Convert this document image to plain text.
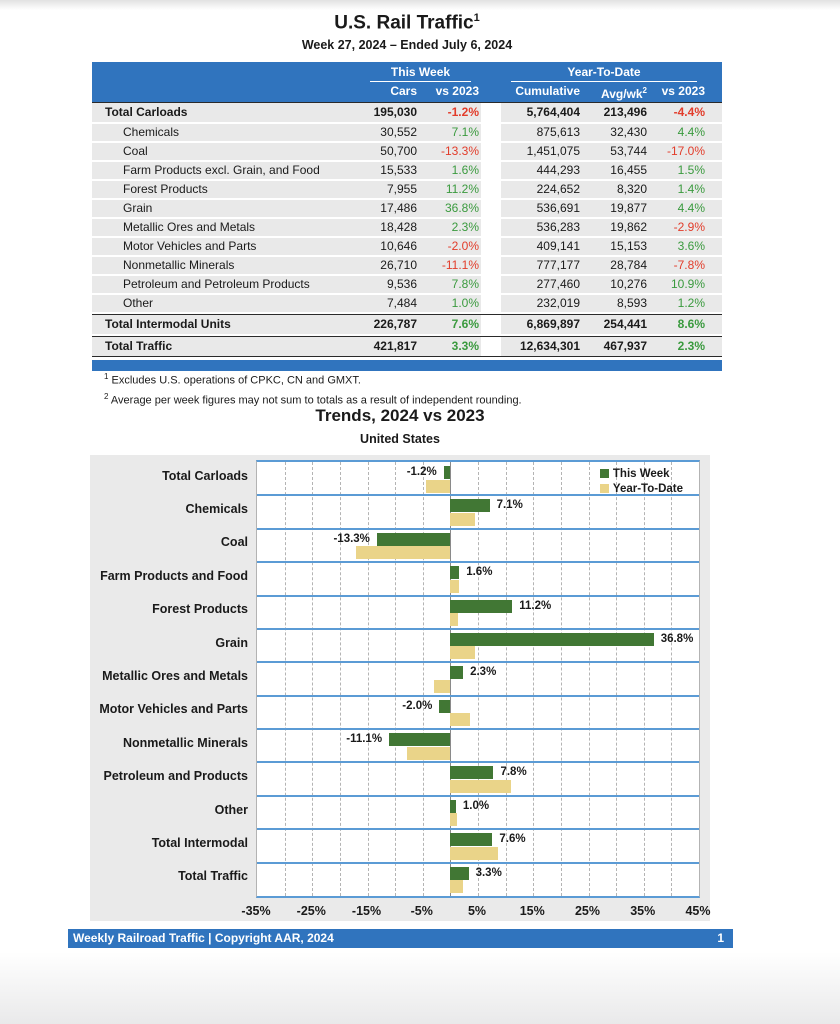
U.S. Rail Traffic$^1$
Week 27, 2024 – Ended July 6, 2024
This Week	Year-To-Date
Cars	vs 2023	Cumulative	Avg/$wk^2$	vs 2023
Total Carloads	195,030	-1.2%	5,764,404	213,496	-4.4%
Chemicals	30,552	7.1%	875,613	32,430	4.4%
Coal	50,700	-13.3%	1,451,075	53,744	-17.0%
Farm Products excl. Grain, and Food	15,533	1.6%	444,293	16,455	1.5%
Forest Products	7,955	11.2%	224,652	8,320	1.4%
Grain	17,486	36.8%	536,691	19,877	4.4%
Metallic Ores and Metals	18,428	2.3%	536,283	19,862	-2.9%
Motor Vehicles and Parts	10,646	-2.0%	409,141	15,153	3.6%
Nonmetallic Minerals	26,710	-11.1%	777,177	28,784	-7.8%
Petroleum and Petroleum Products	9,536	7.8%	277,460	10,276	10.9%
Other	7,484	1.0%	232,019	8,593	1.2%
Total Intermodal Units	226,787	7.6%	6,869,897	254,441	8.6%
Total Traffic	421,817	3.3%	12,634,301	467,937	2.3%
$^1$ Excludes U.S. operations of CPKC, CN and GMXT.
$^2$ Average per week figures may not sum to totals as a result of independent rounding.
Trends, 2024 vs 2023
United States
-1.2%
7.1%
-13.3%
1.6%
11.2%
36.8%
2.3%
-2.0%
-11.1%
7.8%
1.0%
7.6%
3.3%
This Week
Year-To-Date
Total Carloads
Chemicals
Coal
Farm Products and Food
Forest Products
Grain
Metallic Ores and Metals
Motor Vehicles and Parts
Nonmetallic Minerals
Petroleum and Products
Other
Total Intermodal
Total Traffic
-35%	-25%	-15%	-5%	5%	15%	25%	35%	45%
Weekly Railroad Traffic | Copyright AAR, 2024	1
